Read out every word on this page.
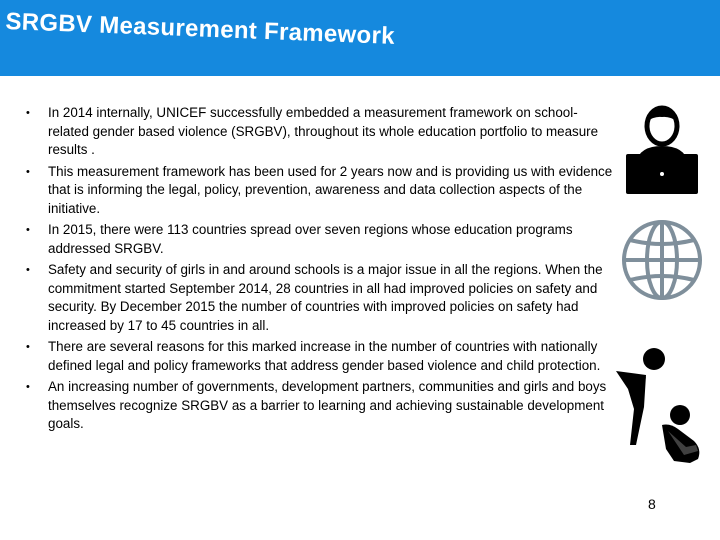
SRGBV Measurement Framework
• In 2014 internally, UNICEF successfully embedded a measurement framework on school-related gender based violence (SRGBV), throughout its whole education portfolio to measure results .
• This measurement framework has been used for 2 years now and is providing us with evidence that is informing the legal, policy, prevention, awareness and data collection aspects of the initiative.
• In 2015, there were 113 countries spread over seven regions whose education programs addressed SRGBV.
• Safety and security of girls in and around schools is a major issue in all the regions. When the commitment started September 2014, 28 countries in all had improved policies on safety and security. By December 2015 the number of countries with improved policies on safety had increased by 17 to 45 countries in all.
• There are several reasons for this marked increase in the number of countries with nationally defined legal and policy frameworks that address gender based violence and child protection.
• An increasing number of governments, development partners, communities and girls and boys themselves recognize SRGBV as a barrier to learning and achieving sustainable development goals.
8
